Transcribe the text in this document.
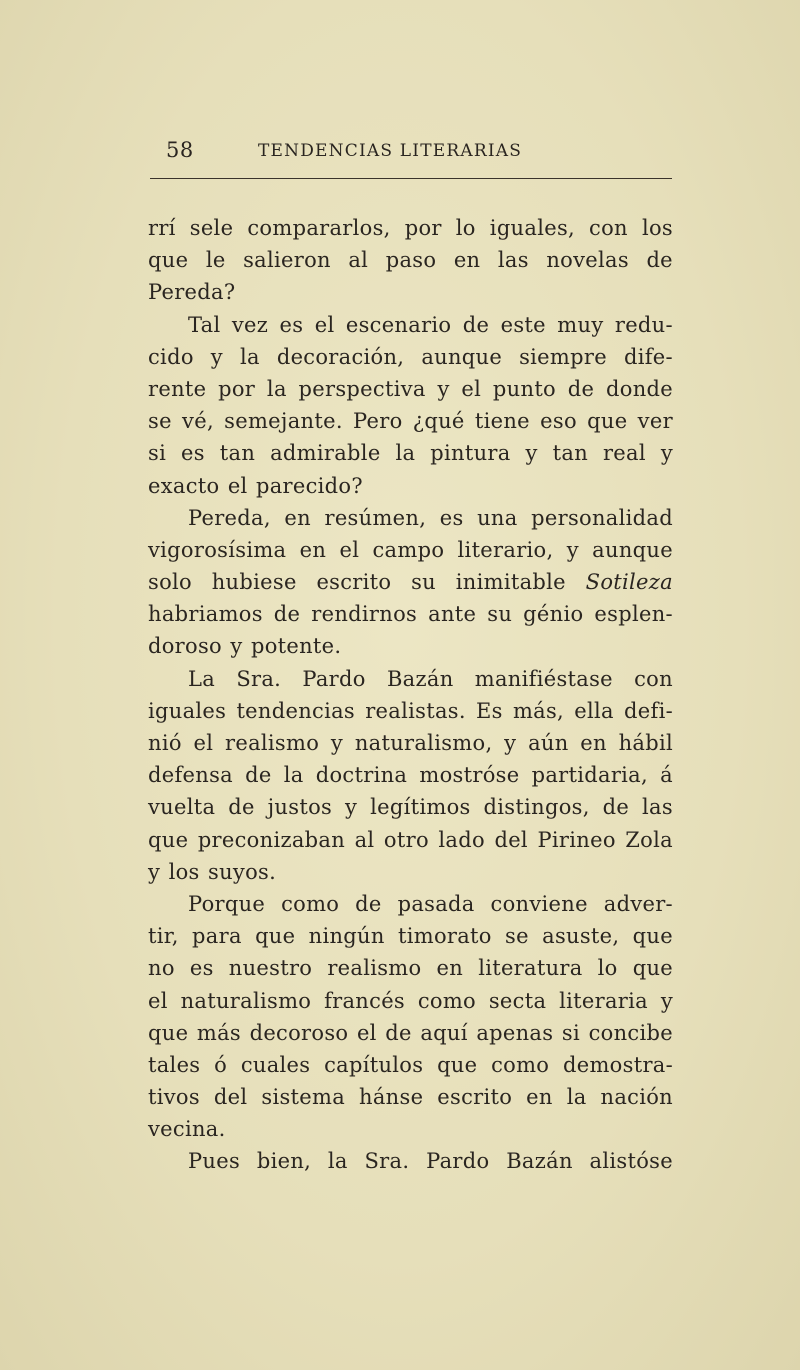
58	TENDENCIAS LITERARIAS
rrí sele compararlos, por lo iguales, con los
que le salieron al paso en las novelas de
Pereda?
Tal vez es el escenario de este muy redu-
cido y la decoración, aunque siempre dife-
rente por la perspectiva y el punto de donde
se vé, semejante. Pero ¿qué tiene eso que ver
si es tan admirable la pintura y tan real y
exacto el parecido?
Pereda, en resúmen, es una personalidad
vigorosísima en el campo literario, y aunque
solo hubiese escrito su inimitable Sotileza
habriamos de rendirnos ante su génio esplen-
doroso y potente.
La Sra. Pardo Bazán manifiéstase con
iguales tendencias realistas. Es más, ella defi-
nió el realismo y naturalismo, y aún en hábil
defensa de la doctrina mostróse partidaria, á
vuelta de justos y legítimos distingos, de las
que preconizaban al otro lado del Pirineo Zola
y los suyos.
Porque como de pasada conviene adver-
tir, para que ningún timorato se asuste, que
no es nuestro realismo en literatura lo que
el naturalismo francés como secta literaria y
que más decoroso el de aquí apenas si concibe
tales ó cuales capítulos que como demostra-
tivos del sistema hánse escrito en la nación
vecina.
Pues bien, la Sra. Pardo Bazán alistóse
